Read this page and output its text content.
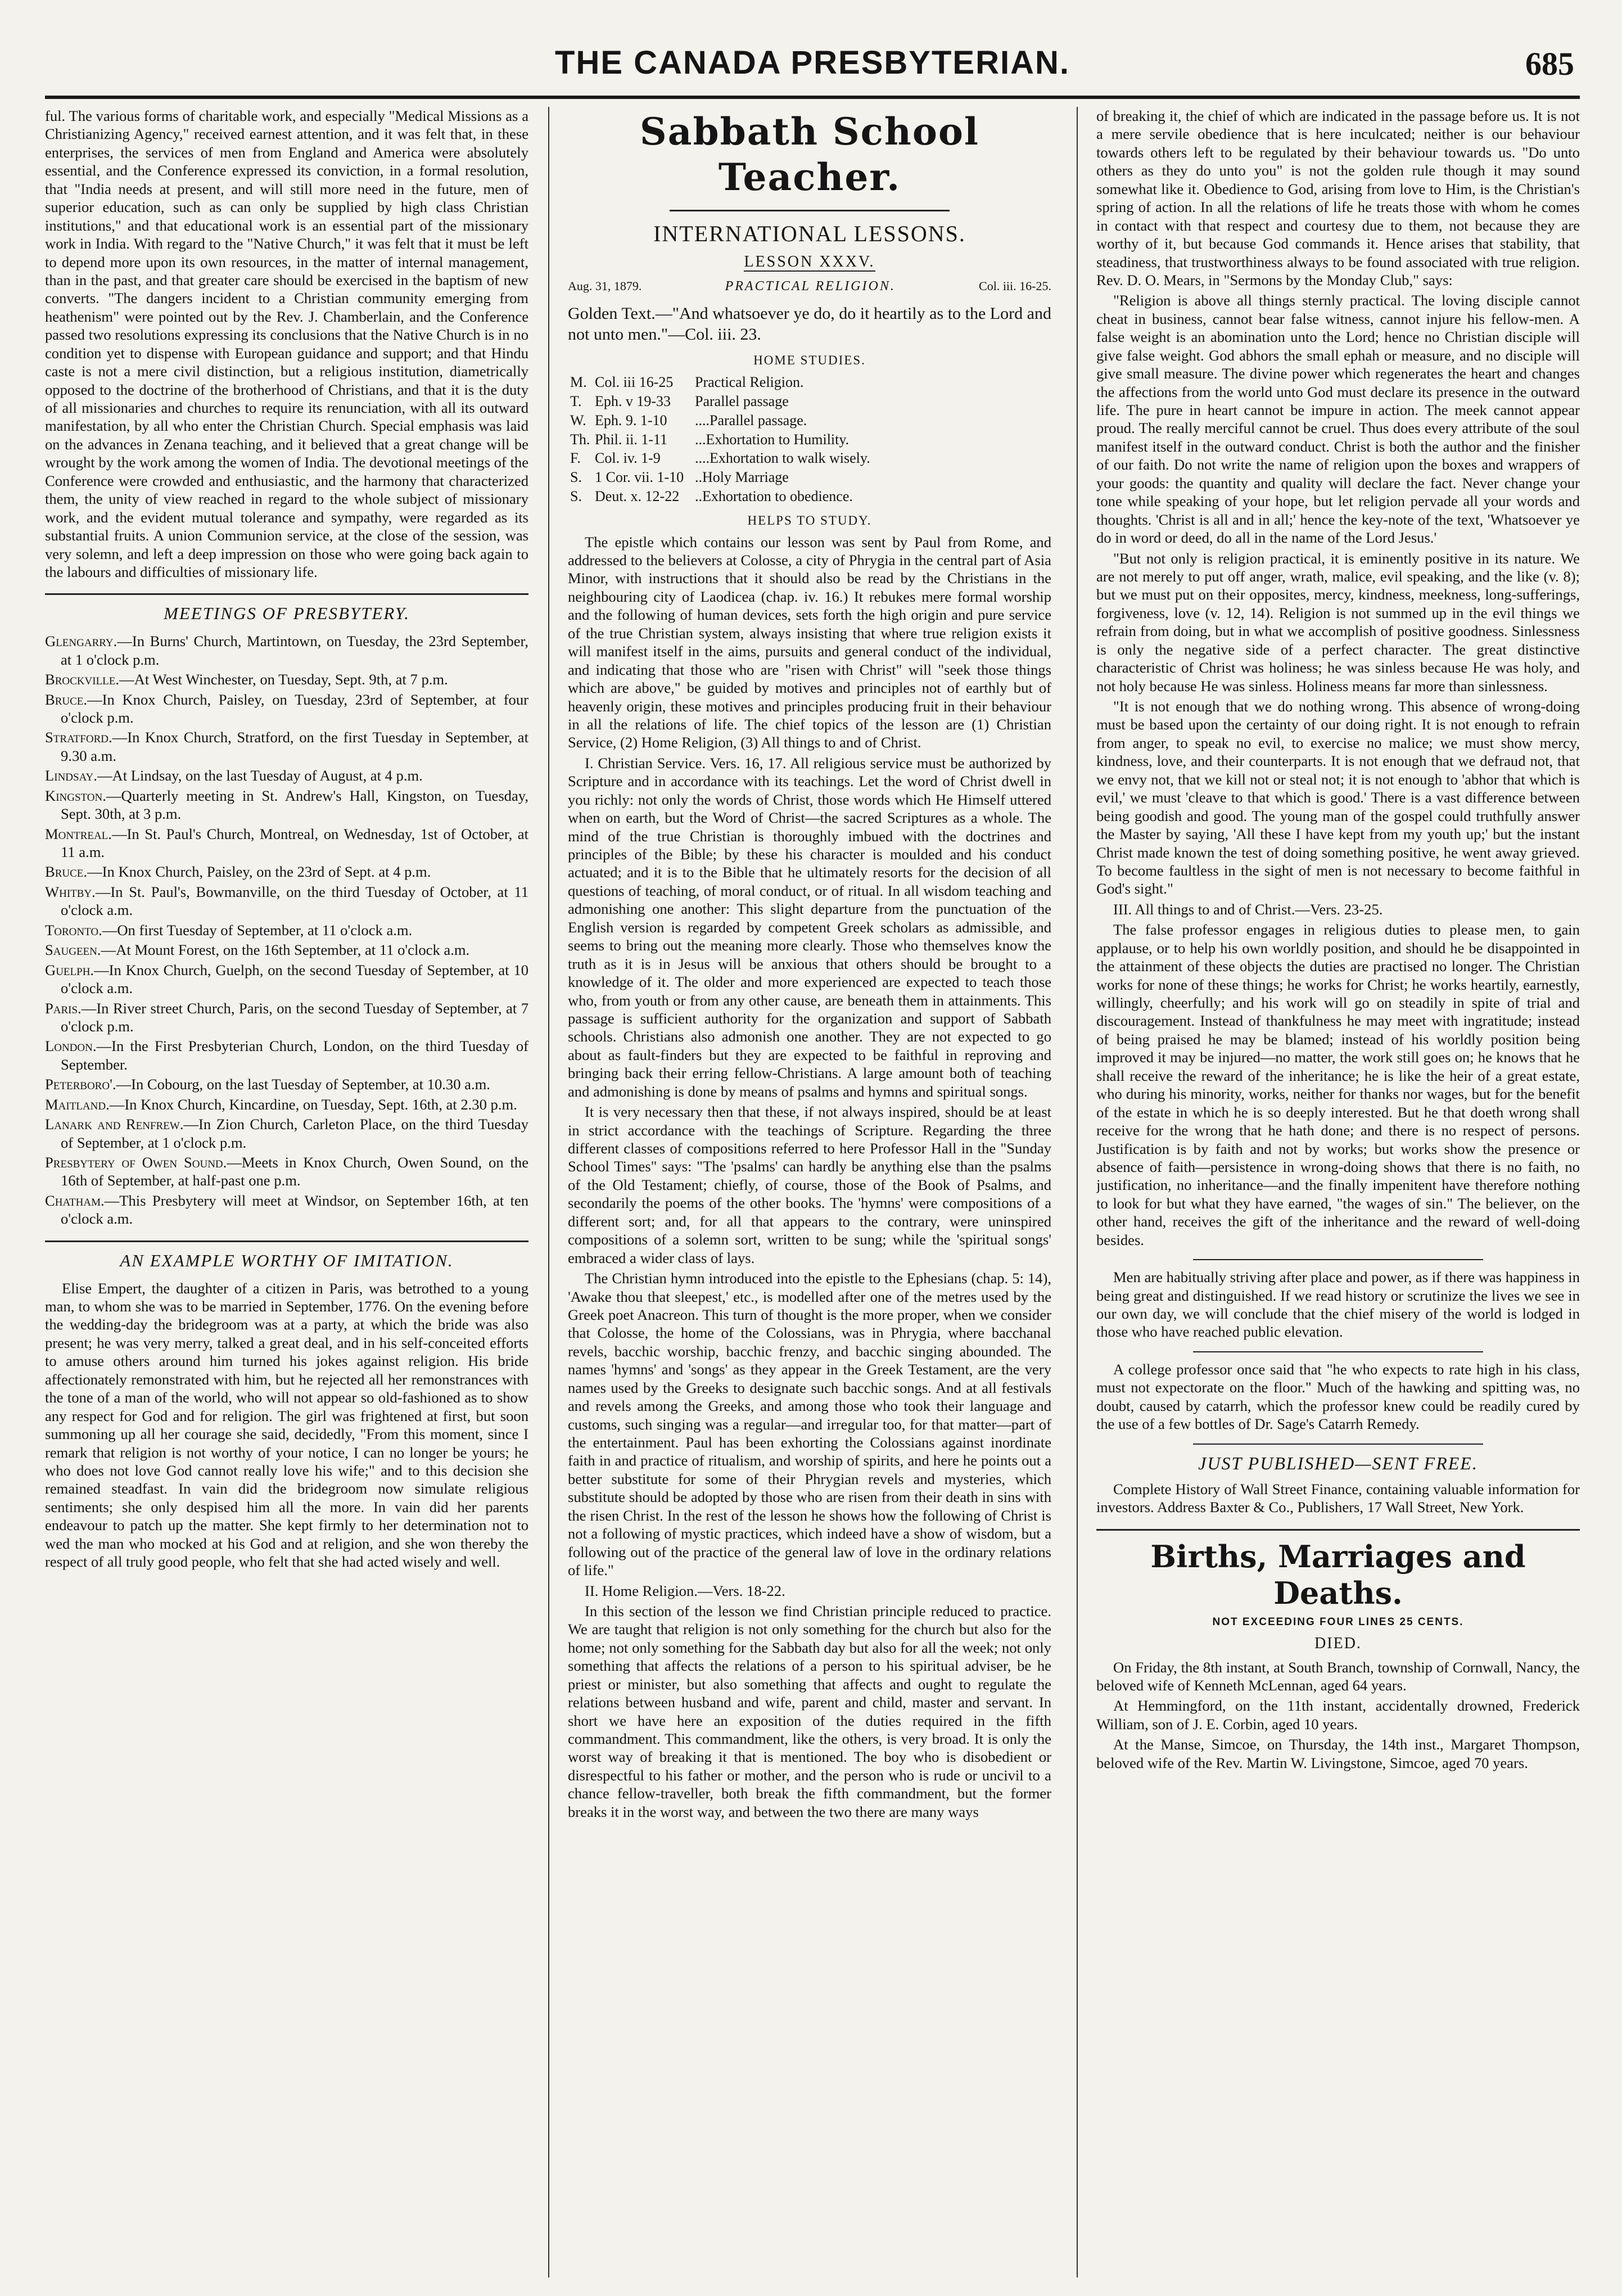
THE CANADA PRESBYTERIAN.	685

ful. The various forms of charitable work, and especially "Medical Missions as a Christianizing Agency," received earnest attention, and it was felt that, in these enterprises, the services of men from England and America were absolutely essential, and the Conference expressed its conviction, in a formal resolution, that "India needs at present, and will still more need in the future, men of superior education, such as can only be supplied by high class Christian institutions," and that educational work is an essential part of the missionary work in India. With regard to the "Native Church," it was felt that it must be left to depend more upon its own resources, in the matter of internal management, than in the past, and that greater care should be exercised in the baptism of new converts. "The dangers incident to a Christian community emerging from heathenism" were pointed out by the Rev. J. Chamberlain, and the Conference passed two resolutions expressing its conclusions that the Native Church is in no condition yet to dispense with European guidance and support; and that Hindu caste is not a mere civil distinction, but a religious institution, diametrically opposed to the doctrine of the brotherhood of Christians, and that it is the duty of all missionaries and churches to require its renunciation, with all its outward manifestation, by all who enter the Christian Church. Special emphasis was laid on the advances in Zenana teaching, and it believed that a great change will be wrought by the work among the women of India. The devotional meetings of the Conference were crowded and enthusiastic, and the harmony that characterized them, the unity of view reached in regard to the whole subject of missionary work, and the evident mutual tolerance and sympathy, were regarded as its substantial fruits. A union Communion service, at the close of the session, was very solemn, and left a deep impression on those who were going back again to the labours and difficulties of missionary life.

MEETINGS OF PRESBYTERY.

Glengarry.—In Burns' Church, Martintown, on Tuesday, the 23rd September, at 1 o'clock p.m.

Brockville.—At West Winchester, on Tuesday, Sept. 9th, at 7 p.m.

Bruce.—In Knox Church, Paisley, on Tuesday, 23rd of September, at four o'clock p.m.

Stratford.—In Knox Church, Stratford, on the first Tuesday in September, at 9.30 a.m.

Lindsay.—At Lindsay, on the last Tuesday of August, at 4 p.m.

Kingston.—Quarterly meeting in St. Andrew's Hall, Kingston, on Tuesday, Sept. 30th, at 3 p.m.

Montreal.—In St. Paul's Church, Montreal, on Wednesday, 1st of October, at 11 a.m.

Bruce.—In Knox Church, Paisley, on the 23rd of Sept. at 4 p.m.

Whitby.—In St. Paul's, Bowmanville, on the third Tuesday of October, at 11 o'clock a.m.

Toronto.—On first Tuesday of September, at 11 o'clock a.m.

Saugeen.—At Mount Forest, on the 16th September, at 11 o'clock a.m.

Guelph.—In Knox Church, Guelph, on the second Tuesday of September, at 10 o'clock a.m.

Paris.—In River street Church, Paris, on the second Tuesday of September, at 7 o'clock p.m.

London.—In the First Presbyterian Church, London, on the third Tuesday of September.

Peterboro'.—In Cobourg, on the last Tuesday of September, at 10.30 a.m.

Maitland.—In Knox Church, Kincardine, on Tuesday, Sept. 16th, at 2.30 p.m.

Lanark and Renfrew.—In Zion Church, Carleton Place, on the third Tuesday of September, at 1 o'clock p.m.

Presbytery of Owen Sound.—Meets in Knox Church, Owen Sound, on the 16th of September, at half-past one p.m.

Chatham.—This Presbytery will meet at Windsor, on September 16th, at ten o'clock a.m.

AN EXAMPLE WORTHY OF IMITATION.

Elise Empert, the daughter of a citizen in Paris, was betrothed to a young man, to whom she was to be married in September, 1776. On the evening before the wedding-day the bridegroom was at a party, at which the bride was also present; he was very merry, talked a great deal, and in his self-conceited efforts to amuse others around him turned his jokes against religion. His bride affectionately remonstrated with him, but he rejected all her remonstrances with the tone of a man of the world, who will not appear so old-fashioned as to show any respect for God and for religion. The girl was frightened at first, but soon summoning up all her courage she said, decidedly, "From this moment, since I remark that religion is not worthy of your notice, I can no longer be yours; he who does not love God cannot really love his wife;" and to this decision she remained steadfast. In vain did the bridegroom now simulate religious sentiments; she only despised him all the more. In vain did her parents endeavour to patch up the matter. She kept firmly to her determination not to wed the man who mocked at his God and at religion, and she won thereby the respect of all truly good people, who felt that she had acted wisely and well.

Sabbath School Teacher.
INTERNATIONAL LESSONS.
LESSON XXXV.
Aug. 31, 1879.	PRACTICAL RELIGION.	Col. iii. 16-25.

Golden Text.—"And whatsoever ye do, do it heartily as to the Lord and not unto men."—Col. iii. 23.

HOME STUDIES.
M.	Col. iii 16-25	Practical Religion.
T.	Eph. v 19-33	Parallel passage
W.	Eph. 9. 1-10	....Parallel passage.
Th.	Phil. ii. 1-11	...Exhortation to Humility.
F.	Col. iv. 1-9	....Exhortation to walk wisely.
S.	1 Cor. vii. 1-10	..Holy Marriage
S.	Deut. x. 12-22	..Exhortation to obedience.
HELPS TO STUDY.

The epistle which contains our lesson was sent by Paul from Rome, and addressed to the believers at Colosse, a city of Phrygia in the central part of Asia Minor, with instructions that it should also be read by the Christians in the neighbouring city of Laodicea (chap. iv. 16.) It rebukes mere formal worship and the following of human devices, sets forth the high origin and pure service of the true Christian system, always insisting that where true religion exists it will manifest itself in the aims, pursuits and general conduct of the individual, and indicating that those who are "risen with Christ" will "seek those things which are above," be guided by motives and principles not of earthly but of heavenly origin, these motives and principles producing fruit in their behaviour in all the relations of life. The chief topics of the lesson are (1) Christian Service, (2) Home Religion, (3) All things to and of Christ.

I. Christian Service. Vers. 16, 17. All religious service must be authorized by Scripture and in accordance with its teachings. Let the word of Christ dwell in you richly: not only the words of Christ, those words which He Himself uttered when on earth, but the Word of Christ—the sacred Scriptures as a whole. The mind of the true Christian is thoroughly imbued with the doctrines and principles of the Bible; by these his character is moulded and his conduct actuated; and it is to the Bible that he ultimately resorts for the decision of all questions of teaching, of moral conduct, or of ritual. In all wisdom teaching and admonishing one another: This slight departure from the punctuation of the English version is regarded by competent Greek scholars as admissible, and seems to bring out the meaning more clearly. Those who themselves know the truth as it is in Jesus will be anxious that others should be brought to a knowledge of it. The older and more experienced are expected to teach those who, from youth or from any other cause, are beneath them in attainments. This passage is sufficient authority for the organization and support of Sabbath schools. Christians also admonish one another. They are not expected to go about as fault-finders but they are expected to be faithful in reproving and bringing back their erring fellow-Christians. A large amount both of teaching and admonishing is done by means of psalms and hymns and spiritual songs.

It is very necessary then that these, if not always inspired, should be at least in strict accordance with the teachings of Scripture. Regarding the three different classes of compositions referred to here Professor Hall in the "Sunday School Times" says: "The 'psalms' can hardly be anything else than the psalms of the Old Testament; chiefly, of course, those of the Book of Psalms, and secondarily the poems of the other books. The 'hymns' were compositions of a different sort; and, for all that appears to the contrary, were uninspired compositions of a solemn sort, written to be sung; while the 'spiritual songs' embraced a wider class of lays.

The Christian hymn introduced into the epistle to the Ephesians (chap. 5: 14), 'Awake thou that sleepest,' etc., is modelled after one of the metres used by the Greek poet Anacreon. This turn of thought is the more proper, when we consider that Colosse, the home of the Colossians, was in Phrygia, where bacchanal revels, bacchic worship, bacchic frenzy, and bacchic singing abounded. The names 'hymns' and 'songs' as they appear in the Greek Testament, are the very names used by the Greeks to designate such bacchic songs. And at all festivals and revels among the Greeks, and among those who took their language and customs, such singing was a regular—and irregular too, for that matter—part of the entertainment. Paul has been exhorting the Colossians against inordinate faith in and practice of ritualism, and worship of spirits, and here he points out a better substitute for some of their Phrygian revels and mysteries, which substitute should be adopted by those who are risen from their death in sins with the risen Christ. In the rest of the lesson he shows how the following of Christ is not a following of mystic practices, which indeed have a show of wisdom, but a following out of the practice of the general law of love in the ordinary relations of life."

II. Home Religion.—Vers. 18-22.

In this section of the lesson we find Christian principle reduced to practice. We are taught that religion is not only something for the church but also for the home; not only something for the Sabbath day but also for all the week; not only something that affects the relations of a person to his spiritual adviser, be he priest or minister, but also something that affects and ought to regulate the relations between husband and wife, parent and child, master and servant. In short we have here an exposition of the duties required in the fifth commandment. This commandment, like the others, is very broad. It is only the worst way of breaking it that is mentioned. The boy who is disobedient or disrespectful to his father or mother, and the person who is rude or uncivil to a chance fellow-traveller, both break the fifth commandment, but the former breaks it in the worst way, and between the two there are many ways

of breaking it, the chief of which are indicated in the passage before us. It is not a mere servile obedience that is here inculcated; neither is our behaviour towards others left to be regulated by their behaviour towards us. "Do unto others as they do unto you" is not the golden rule though it may sound somewhat like it. Obedience to God, arising from love to Him, is the Christian's spring of action. In all the relations of life he treats those with whom he comes in contact with that respect and courtesy due to them, not because they are worthy of it, but because God commands it. Hence arises that stability, that steadiness, that trustworthiness always to be found associated with true religion. Rev. D. O. Mears, in "Sermons by the Monday Club," says:

"Religion is above all things sternly practical. The loving disciple cannot cheat in business, cannot bear false witness, cannot injure his fellow-men. A false weight is an abomination unto the Lord; hence no Christian disciple will give false weight. God abhors the small ephah or measure, and no disciple will give small measure. The divine power which regenerates the heart and changes the affections from the world unto God must declare its presence in the outward life. The pure in heart cannot be impure in action. The meek cannot appear proud. The really merciful cannot be cruel. Thus does every attribute of the soul manifest itself in the outward conduct. Christ is both the author and the finisher of our faith. Do not write the name of religion upon the boxes and wrappers of your goods: the quantity and quality will declare the fact. Never change your tone while speaking of your hope, but let religion pervade all your words and thoughts. 'Christ is all and in all;' hence the key-note of the text, 'Whatsoever ye do in word or deed, do all in the name of the Lord Jesus.'

"But not only is religion practical, it is eminently positive in its nature. We are not merely to put off anger, wrath, malice, evil speaking, and the like (v. 8); but we must put on their opposites, mercy, kindness, meekness, long-sufferings, forgiveness, love (v. 12, 14). Religion is not summed up in the evil things we refrain from doing, but in what we accomplish of positive goodness. Sinlessness is only the negative side of a perfect character. The great distinctive characteristic of Christ was holiness; he was sinless because He was holy, and not holy because He was sinless. Holiness means far more than sinlessness.

"It is not enough that we do nothing wrong. This absence of wrong-doing must be based upon the certainty of our doing right. It is not enough to refrain from anger, to speak no evil, to exercise no malice; we must show mercy, kindness, love, and their counterparts. It is not enough that we defraud not, that we envy not, that we kill not or steal not; it is not enough to 'abhor that which is evil,' we must 'cleave to that which is good.' There is a vast difference between being goodish and good. The young man of the gospel could truthfully answer the Master by saying, 'All these I have kept from my youth up;' but the instant Christ made known the test of doing something positive, he went away grieved. To become faultless in the sight of men is not necessary to become faithful in God's sight."

III. All things to and of Christ.—Vers. 23-25.

The false professor engages in religious duties to please men, to gain applause, or to help his own worldly position, and should he be disappointed in the attainment of these objects the duties are practised no longer. The Christian works for none of these things; he works for Christ; he works heartily, earnestly, willingly, cheerfully; and his work will go on steadily in spite of trial and discouragement. Instead of thankfulness he may meet with ingratitude; instead of being praised he may be blamed; instead of his worldly position being improved it may be injured—no matter, the work still goes on; he knows that he shall receive the reward of the inheritance; he is like the heir of a great estate, who during his minority, works, neither for thanks nor wages, but for the benefit of the estate in which he is so deeply interested. But he that doeth wrong shall receive for the wrong that he hath done; and there is no respect of persons. Justification is by faith and not by works; but works show the presence or absence of faith—persistence in wrong-doing shows that there is no faith, no justification, no inheritance—and the finally impenitent have therefore nothing to look for but what they have earned, "the wages of sin." The believer, on the other hand, receives the gift of the inheritance and the reward of well-doing besides.

Men are habitually striving after place and power, as if there was happiness in being great and distinguished. If we read history or scrutinize the lives we see in our own day, we will conclude that the chief misery of the world is lodged in those who have reached public elevation.

A college professor once said that "he who expects to rate high in his class, must not expectorate on the floor." Much of the hawking and spitting was, no doubt, caused by catarrh, which the professor knew could be readily cured by the use of a few bottles of Dr. Sage's Catarrh Remedy.

JUST PUBLISHED—SENT FREE.

Complete History of Wall Street Finance, containing valuable information for investors. Address Baxter & Co., Publishers, 17 Wall Street, New York.

Births, Marriages and Deaths.
NOT EXCEEDING FOUR LINES 25 CENTS.
DIED.

On Friday, the 8th instant, at South Branch, township of Cornwall, Nancy, the beloved wife of Kenneth McLennan, aged 64 years.

At Hemmingford, on the 11th instant, accidentally drowned, Frederick William, son of J. E. Corbin, aged 10 years.

At the Manse, Simcoe, on Thursday, the 14th inst., Margaret Thompson, beloved wife of the Rev. Martin W. Livingstone, Simcoe, aged 70 years.
